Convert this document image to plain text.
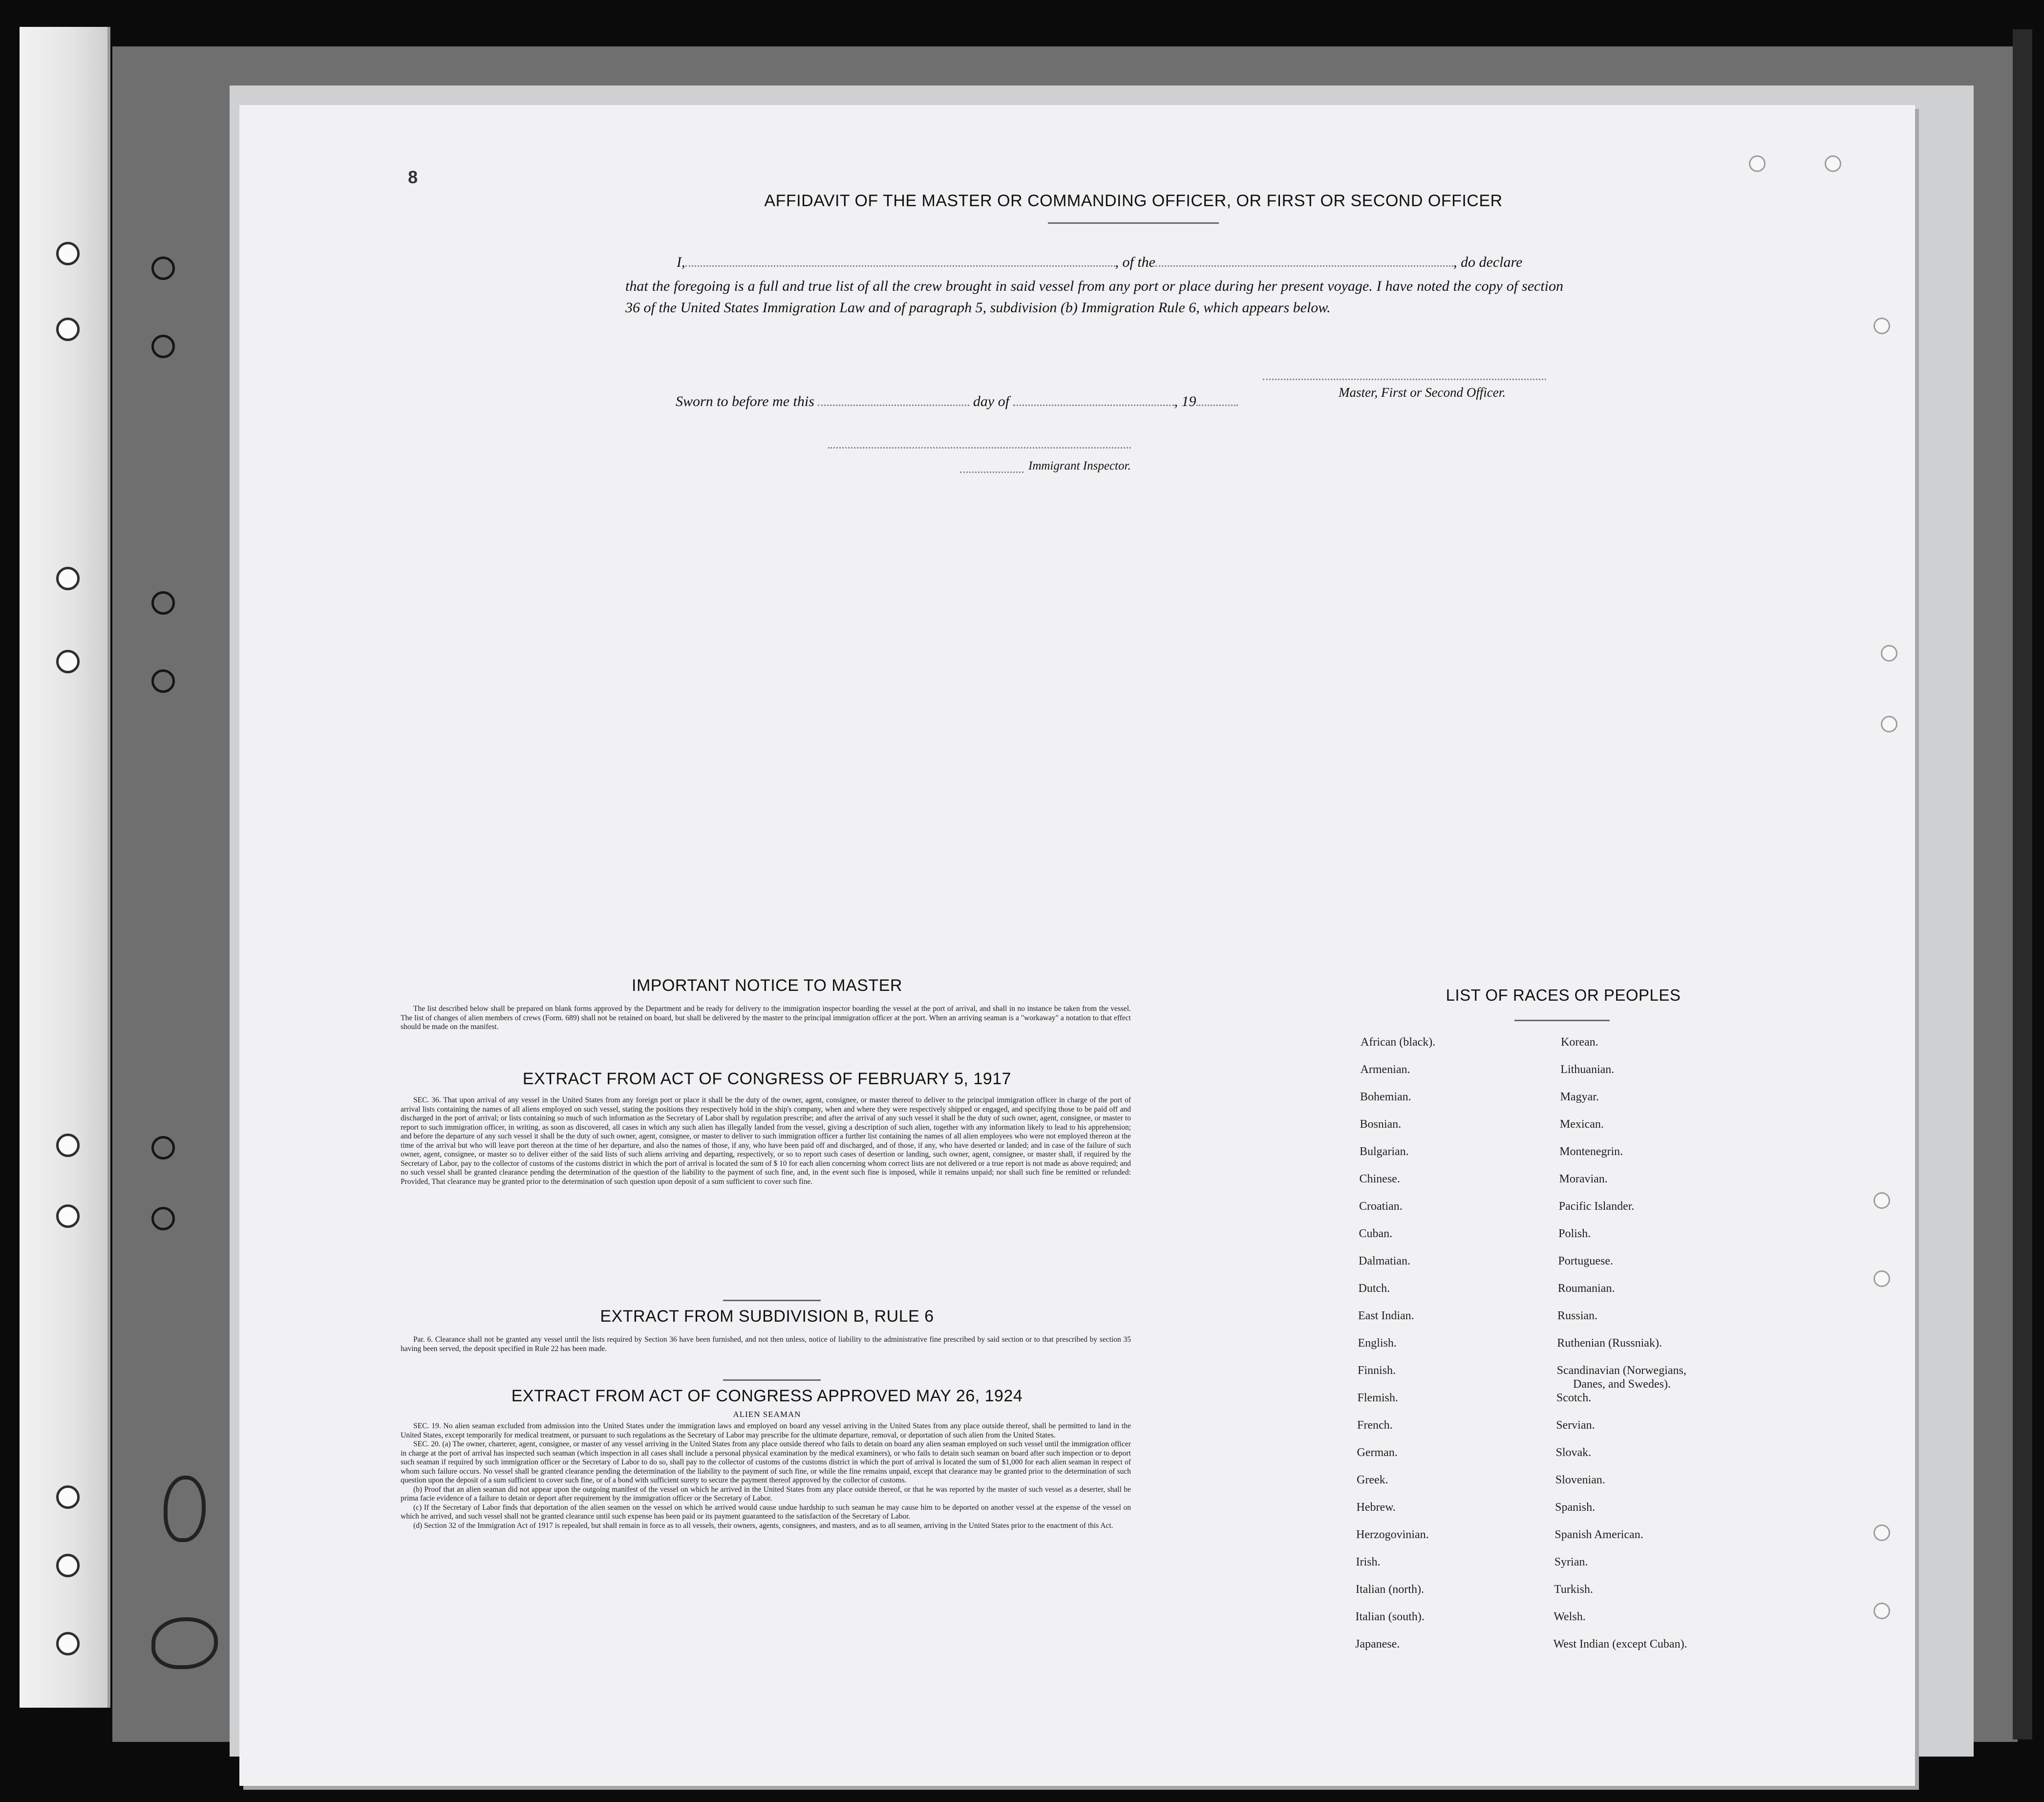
8
AFFIDAVIT OF THE MASTER OR COMMANDING OFFICER, OR FIRST OR SECOND OFFICER
I,	, of the	, do declare
that the foregoing is a full and true list of all the crew brought in said vessel from any port or place during her present voyage. I have noted the copy of section 36 of the United States Immigration Law and of paragraph 5, subdivision (b) Immigration Rule 6, which appears below.
Master, First or Second Officer.
Sworn to before me this	day of	, 19
Immigrant Inspector.
IMPORTANT NOTICE TO MASTER

The list described below shall be prepared on blank forms approved by the Department and be ready for delivery to the immigration inspector boarding the vessel at the port of arrival, and shall in no instance be taken from the vessel. The list of changes of alien members of crews (Form. 689) shall not be retained on board, but shall be delivered by the master to the principal immigration officer at the port. When an arriving seaman is a "workaway" a notation to that effect should be made on the manifest.

EXTRACT FROM ACT OF CONGRESS OF FEBRUARY 5, 1917

SEC. 36. That upon arrival of any vessel in the United States from any foreign port or place it shall be the duty of the owner, agent, consignee, or master thereof to deliver to the principal immigration officer in charge of the port of arrival lists containing the names of all aliens employed on such vessel, stating the positions they respectively hold in the ship's company, when and where they were respectively shipped or engaged, and specifying those to be paid off and discharged in the port of arrival; or lists containing so much of such information as the Secretary of Labor shall by regulation prescribe; and after the arrival of any such vessel it shall be the duty of such owner, agent, consignee, or master to report to such immigration officer, in writing, as soon as discovered, all cases in which any such alien has illegally landed from the vessel, giving a description of such alien, together with any information likely to lead to his apprehension; and before the departure of any such vessel it shall be the duty of such owner, agent, consignee, or master to deliver to such immigration officer a further list containing the names of all alien employees who were not employed thereon at the time of the arrival but who will leave port thereon at the time of her departure, and also the names of those, if any, who have been paid off and discharged, and of those, if any, who have deserted or landed; and in case of the failure of such owner, agent, consignee, or master so to deliver either of the said lists of such aliens arriving and departing, respectively, or so to report such cases of desertion or landing, such owner, agent, consignee, or master shall, if required by the Secretary of Labor, pay to the collector of customs of the customs district in which the port of arrival is located the sum of $ 10 for each alien concerning whom correct lists are not delivered or a true report is not made as above required; and no such vessel shall be granted clearance pending the determination of the question of the liability to the payment of such fine, and, in the event such fine is imposed, while it remains unpaid; nor shall such fine be remitted or refunded: Provided, That clearance may be granted prior to the determination of such question upon deposit of a sum sufficient to cover such fine.

EXTRACT FROM SUBDIVISION B, RULE 6

Par. 6. Clearance shall not be granted any vessel until the lists required by Section 36 have been furnished, and not then unless, notice of liability to the administrative fine prescribed by said section or to that prescribed by section 35 having been served, the deposit specified in Rule 22 has been made.

EXTRACT FROM ACT OF CONGRESS APPROVED MAY 26, 1924
ALIEN SEAMAN

SEC. 19. No alien seaman excluded from admission into the United States under the immigration laws and employed on board any vessel arriving in the United States from any place outside thereof, shall be permitted to land in the United States, except temporarily for medical treatment, or pursuant to such regulations as the Secretary of Labor may prescribe for the ultimate departure, removal, or deportation of such alien from the United States.

SEC. 20. (a) The owner, charterer, agent, consignee, or master of any vessel arriving in the United States from any place outside thereof who fails to detain on board any alien seaman employed on such vessel until the immigration officer in charge at the port of arrival has inspected such seaman (which inspection in all cases shall include a personal physical examination by the medical examiners), or who fails to detain such seaman on board after such inspection or to deport such seaman if required by such immigration officer or the Secretary of Labor to do so, shall pay to the collector of customs of the customs district in which the port of arrival is located the sum of $1,000 for each alien seaman in respect of whom such failure occurs. No vessel shall be granted clearance pending the determination of the liability to the payment of such fine, or while the fine remains unpaid, except that clearance may be granted prior to the determination of such question upon the deposit of a sum sufficient to cover such fine, or of a bond with sufficient surety to secure the payment thereof approved by the collector of customs.

(b) Proof that an alien seaman did not appear upon the outgoing manifest of the vessel on which he arrived in the United States from any place outside thereof, or that he was reported by the master of such vessel as a deserter, shall be prima facie evidence of a failure to detain or deport after requirement by the immigration officer or the Secretary of Labor.

(c) If the Secretary of Labor finds that deportation of the alien seamen on the vessel on which he arrived would cause undue hardship to such seaman he may cause him to be deported on another vessel at the expense of the vessel on which he arrived, and such vessel shall not be granted clearance until such expense has been paid or its payment guaranteed to the satisfaction of the Secretary of Labor.

(d) Section 32 of the Immigration Act of 1917 is repealed, but shall remain in force as to all vessels, their owners, agents, consignees, and masters, and as to all seamen, arriving in the United States prior to the enactment of this Act.

LIST OF RACES OR PEOPLES
African (black).
Armenian.
Bohemian.
Bosnian.
Bulgarian.
Chinese.
Croatian.
Cuban.
Dalmatian.
Dutch.
East Indian.
English.
Finnish.
Flemish.
French.
German.
Greek.
Hebrew.
Herzogovinian.
Irish.
Italian (north).
Italian (south).
Japanese.
Korean.
Lithuanian.
Magyar.
Mexican.
Montenegrin.
Moravian.
Pacific Islander.
Polish.
Portuguese.
Roumanian.
Russian.
Ruthenian (Russniak).
Scandinavian (Norwegians,
Danes, and Swedes).
Scotch.
Servian.
Slovak.
Slovenian.
Spanish.
Spanish American.
Syrian.
Turkish.
Welsh.
West Indian (except Cuban).
